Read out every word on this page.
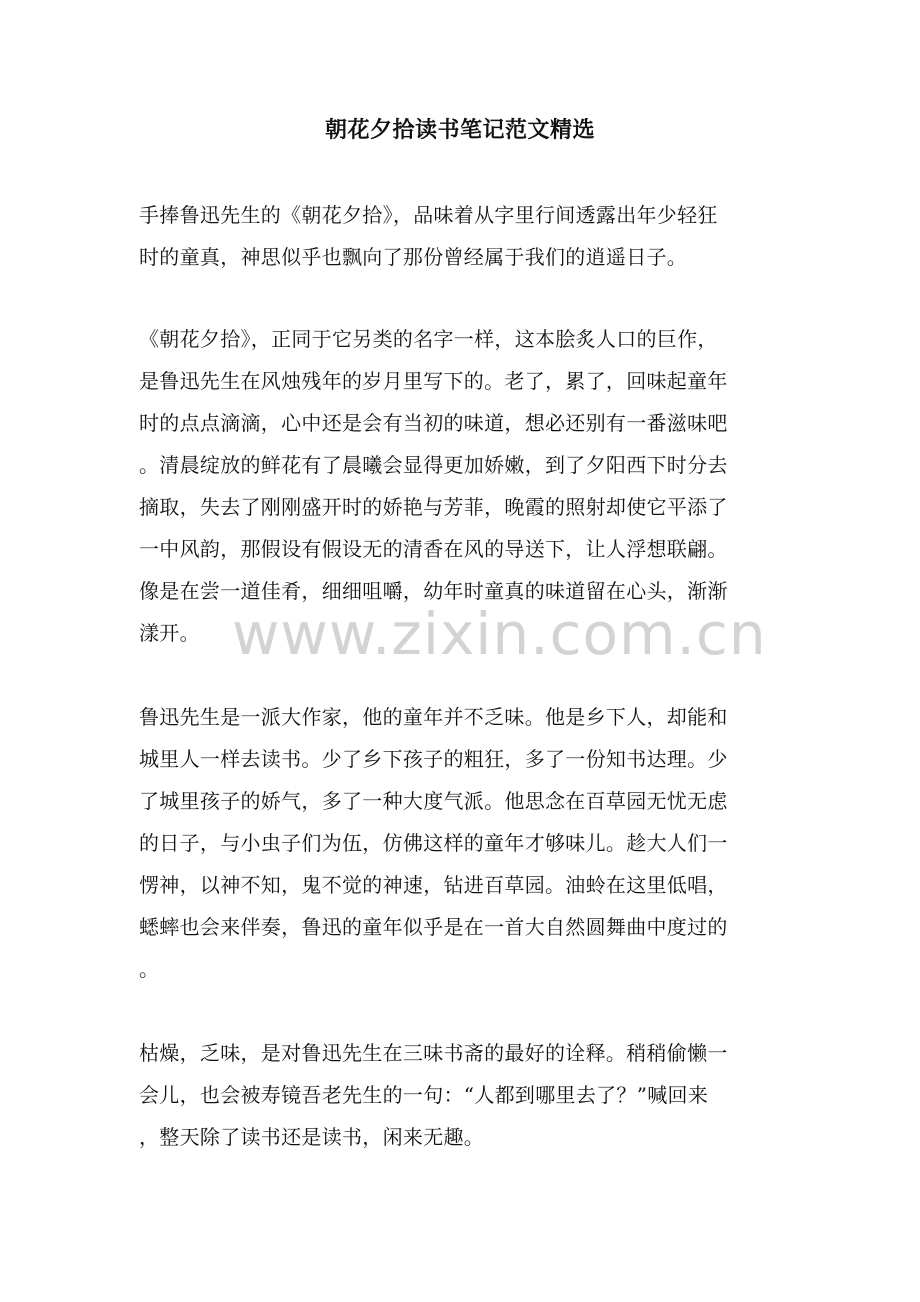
朝花夕拾读书笔记范文精选
www.zixin.com.cn
手捧鲁迅先生的《朝花夕拾》，品味着从字里行间透露出年少轻狂
时的童真，神思似乎也飘向了那份曾经属于我们的逍遥日子。
《朝花夕拾》，正同于它另类的名字一样，这本脍炙人口的巨作，
是鲁迅先生在风烛残年的岁月里写下的。老了，累了，回味起童年
时的点点滴滴，心中还是会有当初的味道，想必还别有一番滋味吧
。清晨绽放的鲜花有了晨曦会显得更加娇嫩，到了夕阳西下时分去
摘取，失去了刚刚盛开时的娇艳与芳菲，晚霞的照射却使它平添了
一中风韵，那假设有假设无的清香在风的导送下，让人浮想联翩。
像是在尝一道佳肴，细细咀嚼，幼年时童真的味道留在心头，渐渐
漾开。
鲁迅先生是一派大作家，他的童年并不乏味。他是乡下人，却能和
城里人一样去读书。少了乡下孩子的粗狂，多了一份知书达理。少
了城里孩子的娇气，多了一种大度气派。他思念在百草园无忧无虑
的日子，与小虫子们为伍，仿佛这样的童年才够味儿。趁大人们一
愣神，以神不知，鬼不觉的神速，钻进百草园。油蛉在这里低唱，
蟋蟀也会来伴奏，鲁迅的童年似乎是在一首大自然圆舞曲中度过的
。
枯燥，乏味，是对鲁迅先生在三味书斋的最好的诠释。稍稍偷懒一
会儿，也会被寿镜吾老先生的一句：“人都到哪里去了？”喊回来
，整天除了读书还是读书，闲来无趣。
